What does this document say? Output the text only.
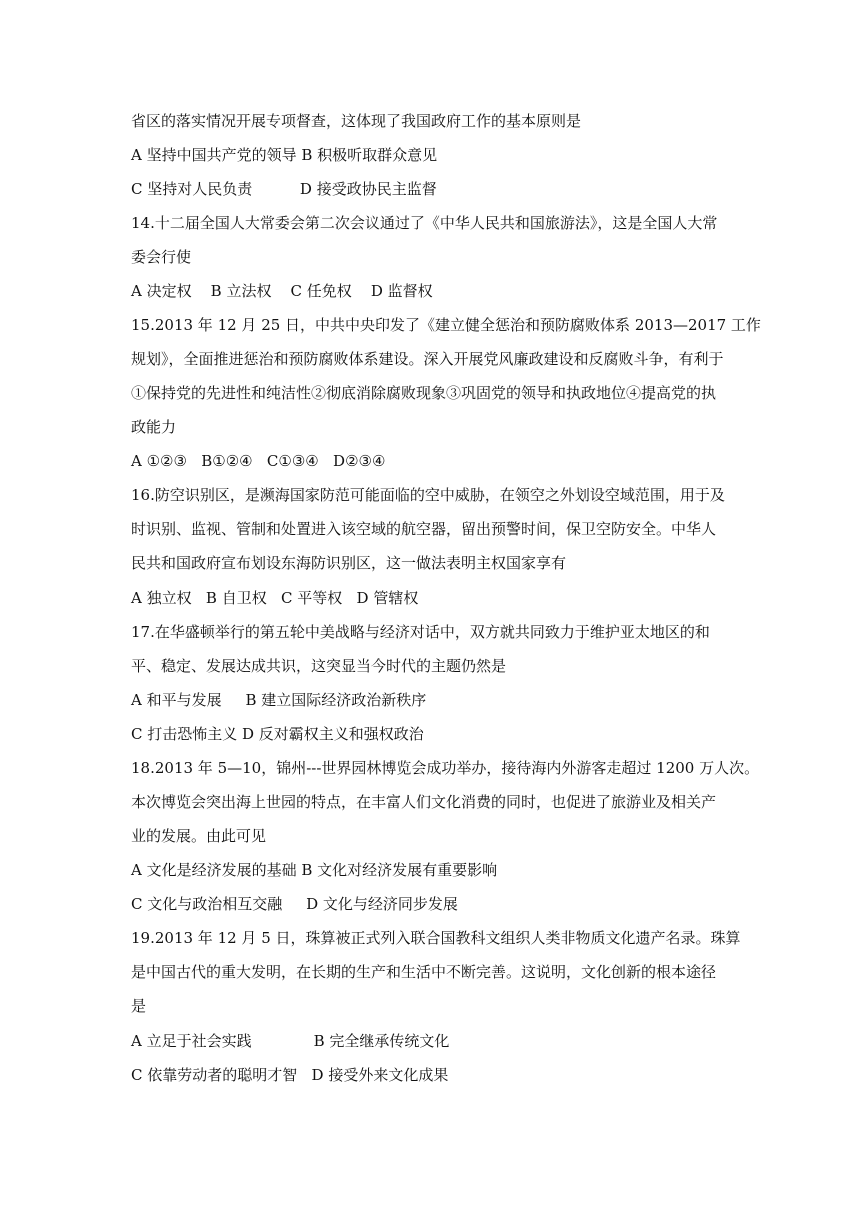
省区的落实情况开展专项督查，这体现了我国政府工作的基本原则是
A 坚持中国共产党的领导 B 积极听取群众意见
C 坚持对人民负责          D 接受政协民主监督
14.十二届全国人大常委会第二次会议通过了《中华人民共和国旅游法》，这是全国人大常
委会行使
A 决定权    B 立法权    C 任免权    D 监督权
15.2013 年 12 月 25 日，中共中央印发了《建立健全惩治和预防腐败体系 2013—2017 工作
规划》，全面推进惩治和预防腐败体系建设。深入开展党风廉政建设和反腐败斗争，有利于
①保持党的先进性和纯洁性②彻底消除腐败现象③巩固党的领导和执政地位④提高党的执
政能力
A ①②③   B①②④   C①③④   D②③④
16.防空识别区，是濒海国家防范可能面临的空中威胁，在领空之外划设空域范围，用于及
时识别、监视、管制和处置进入该空域的航空器，留出预警时间，保卫空防安全。中华人
民共和国政府宣布划设东海防识别区，这一做法表明主权国家享有
A 独立权   B 自卫权   C 平等权   D 管辖权
17.在华盛顿举行的第五轮中美战略与经济对话中，双方就共同致力于维护亚太地区的和
平、稳定、发展达成共识，这突显当今时代的主题仍然是
A 和平与发展     B 建立国际经济政治新秩序
C 打击恐怖主义 D 反对霸权主义和强权政治
18.2013 年 5—10，锦州---世界园林博览会成功举办，接待海内外游客走超过 1200 万人次。
本次博览会突出海上世园的特点，在丰富人们文化消费的同时，也促进了旅游业及相关产
业的发展。由此可见
A 文化是经济发展的基础 B 文化对经济发展有重要影响
C 文化与政治相互交融     D 文化与经济同步发展
19.2013 年 12 月 5 日，珠算被正式列入联合国教科文组织人类非物质文化遗产名录。珠算
是中国古代的重大发明，在长期的生产和生活中不断完善。这说明，文化创新的根本途径
是
A 立足于社会实践             B 完全继承传统文化
C 依靠劳动者的聪明才智   D 接受外来文化成果
